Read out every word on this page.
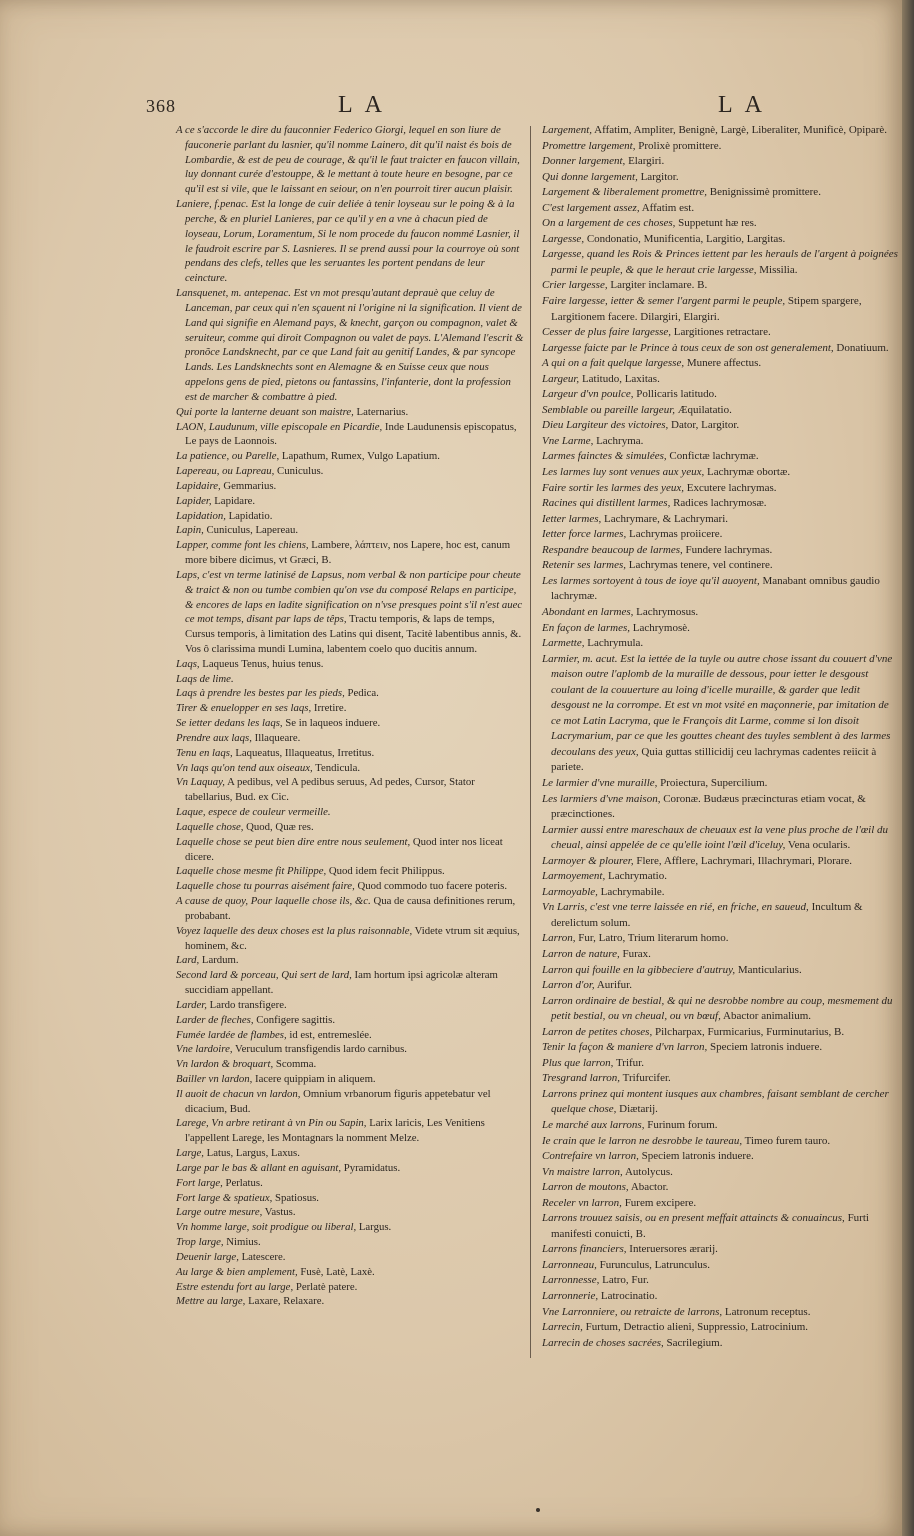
368	LA	LA

A ce s'accorde le dire du fauconnier Federico Giorgi, lequel en son liure de fauconerie parlant du lasnier, qu'il nomme Lainero, dit qu'il naist és bois de Lombardie, & est de peu de courage, & qu'il le faut traicter en faucon villain, luy donnant curée d'estouppe, & le mettant à toute heure en besogne, par ce qu'il est si vile, que le laissant en seiour, on n'en pourroit tirer aucun plaisir.

Laniere, f.penac. Est la longe de cuir deliée à tenir loyseau sur le poing & à la perche, & en pluriel Lanieres, par ce qu'il y en a vne à chacun pied de loyseau, Lorum, Loramentum, Si le nom procede du faucon nommé Lasnier, il le faudroit escrire par S. Lasnieres. Il se prend aussi pour la courroye où sont pendans des clefs, telles que les seruantes les portent pendans de leur ceincture.

Lansquenet, m. antepenac. Est vn mot presqu'autant deprauè que celuy de Lanceman, par ceux qui n'en sçauent ni l'origine ni la signification. Il vient de Land qui signifie en Alemand pays, & knecht, garçon ou compagnon, valet & seruiteur, comme qui diroit Compagnon ou valet de pays. L'Alemand l'escrit & pronõce Landsknecht, par ce que Land fait au genitif Landes, & par syncope Lands. Les Landsknechts sont en Alemagne & en Suisse ceux que nous appelons gens de pied, pietons ou fantassins, l'infanterie, dont la profession est de marcher & combattre à pied.

Qui porte la lanterne deuant son maistre, Laternarius.

LAON, Laudunum, ville episcopale en Picardie, Inde Laudunensis episcopatus, Le pays de Laonnois.

La patience, ou Parelle, Lapathum, Rumex, Vulgo Lapatium.

Lapereau, ou Lapreau, Cuniculus.

Lapidaire, Gemmarius.

Lapider, Lapidare.

Lapidation, Lapidatio.

Lapin, Cuniculus, Lapereau.

Lapper, comme font les chiens, Lambere, λάπτειν, nos Lapere, hoc est, canum more bibere dicimus, vt Græci, B.

Laps, c'est vn terme latinisé de Lapsus, nom verbal & non participe pour cheute & traict & non ou tumbe combien qu'on vse du composé Relaps en participe, & encores de laps en ladite signification on n'vse presques point s'il n'est auec ce mot temps, disant par laps de têps, Tractu temporis, & laps de temps, Cursus temporis, à limitation des Latins qui disent, Tacitè labentibus annis, &. Vos ô clarissima mundi Lumina, labentem coelo quo ducitis annum.

Laqs, Laqueus Tenus, huius tenus.

Laqs de lime.

Laqs à prendre les bestes par les pieds, Pedica.

Tirer & enuelopper en ses laqs, Irretire.

Se ietter dedans les laqs, Se in laqueos induere.

Prendre aux laqs, Illaqueare.

Tenu en laqs, Laqueatus, Illaqueatus, Irretitus.

Vn laqs qu'on tend aux oiseaux, Tendicula.

Vn Laquay, A pedibus, vel A pedibus seruus, Ad pedes, Cursor, Stator tabellarius, Bud. ex Cic.

Laque, espece de couleur vermeille.

Laquelle chose, Quod, Quæ res.

Laquelle chose se peut bien dire entre nous seulement, Quod inter nos liceat dicere.

Laquelle chose mesme fit Philippe, Quod idem fecit Philippus.

Laquelle chose tu pourras aisément faire, Quod commodo tuo facere poteris.

A cause de quoy, Pour laquelle chose ils, &c. Qua de causa definitiones rerum, probabant.

Voyez laquelle des deux choses est la plus raisonnable, Videte vtrum sit æquius, hominem, &c.

Lard, Lardum.

Second lard & porceau, Qui sert de lard, Iam hortum ipsi agricolæ alteram succidiam appellant.

Larder, Lardo transfigere.

Larder de fleches, Configere sagittis.

Fumée lardée de flambes, id est, entremeslée.

Vne lardoire, Veruculum transfigendis lardo carnibus.

Vn lardon & broquart, Scomma.

Bailler vn lardon, Iacere quippiam in aliquem.

Il auoit de chacun vn lardon, Omnium vrbanorum figuris appetebatur vel dicacium, Bud.

Larege, Vn arbre retirant à vn Pin ou Sapin, Larix laricis, Les Venitiens l'appellent Larege, les Montagnars la nomment Melze.

Large, Latus, Largus, Laxus.

Large par le bas & allant en aguisant, Pyramidatus.

Fort large, Perlatus.

Fort large & spatieux, Spatiosus.

Large outre mesure, Vastus.

Vn homme large, soit prodigue ou liberal, Largus.

Trop large, Nimius.

Deuenir large, Latescere.

Au large & bien amplement, Fusè, Latè, Laxè.

Estre estendu fort au large, Perlatè patere.

Mettre au large, Laxare, Relaxare.

Largement, Affatim, Ampliter, Benignè, Largè, Liberaliter, Munificè, Opiparè.

Promettre largement, Prolixè promittere.

Donner largement, Elargiri.

Qui donne largement, Largitor.

Largement & liberalement promettre, Benignissimè promittere.

C'est largement assez, Affatim est.

On a largement de ces choses, Suppetunt hæ res.

Largesse, Condonatio, Munificentia, Largitio, Largitas.

Largesse, quand les Rois & Princes iettent par les herauls de l'argent à poignées parmi le peuple, & que le heraut crie largesse, Missilia.

Crier largesse, Largiter inclamare. B.

Faire largesse, ietter & semer l'argent parmi le peuple, Stipem spargere, Largitionem facere. Dilargiri, Elargiri.

Cesser de plus faire largesse, Largitiones retractare.

Largesse faicte par le Prince à tous ceux de son ost generalement, Donatiuum.

A qui on a fait quelque largesse, Munere affectus.

Largeur, Latitudo, Laxitas.

Largeur d'vn poulce, Pollicaris latitudo.

Semblable ou pareille largeur, Æquilatatio.

Dieu Largiteur des victoires, Dator, Largitor.

Vne Larme, Lachryma.

Larmes fainctes & simulées, Confictæ lachrymæ.

Les larmes luy sont venues aux yeux, Lachrymæ obortæ.

Faire sortir les larmes des yeux, Excutere lachrymas.

Racines qui distillent larmes, Radices lachrymosæ.

Ietter larmes, Lachrymare, & Lachrymari.

Ietter force larmes, Lachrymas proiicere.

Respandre beaucoup de larmes, Fundere lachrymas.

Retenir ses larmes, Lachrymas tenere, vel continere.

Les larmes sortoyent à tous de ioye qu'il auoyent, Manabant omnibus gaudio lachrymæ.

Abondant en larmes, Lachrymosus.

En façon de larmes, Lachrymosè.

Larmette, Lachrymula.

Larmier, m. acut. Est la iettée de la tuyle ou autre chose issant du couuert d'vne maison outre l'aplomb de la muraille de dessous, pour ietter le desgoust coulant de la couuerture au loing d'icelle muraille, & garder que ledit desgoust ne la corrompe. Et est vn mot vsité en maçonnerie, par imitation de ce mot Latin Lacryma, que le François dit Larme, comme si lon disoit Lacrymarium, par ce que les gouttes cheant des tuyles semblent à des larmes decoulans des yeux, Quia guttas stillicidij ceu lachrymas cadentes reiicit à pariete.

Le larmier d'vne muraille, Proiectura, Supercilium.

Les larmiers d'vne maison, Coronæ. Budæus præcincturas etiam vocat, & præcinctiones.

Larmier aussi entre mareschaux de cheuaux est la vene plus proche de l'œil du cheual, ainsi appelée de ce qu'elle ioint l'œil d'iceluy, Vena ocularis.

Larmoyer & plourer, Flere, Afflere, Lachrymari, Illachrymari, Plorare.

Larmoyement, Lachrymatio.

Larmoyable, Lachrymabile.

Vn Larris, c'est vne terre laissée en rié, en friche, en saueud, Incultum & derelictum solum.

Larron, Fur, Latro, Trium literarum homo.

Larron de nature, Furax.

Larron qui fouille en la gibbeciere d'autruy, Manticularius.

Larron d'or, Aurifur.

Larron ordinaire de bestial, & qui ne desrobbe nombre au coup, mesmement du petit bestial, ou vn cheual, ou vn bœuf, Abactor animalium.

Larron de petites choses, Pilcharpax, Furmicarius, Furminutarius, B.

Tenir la façon & maniere d'vn larron, Speciem latronis induere.

Plus que larron, Trifur.

Tresgrand larron, Trifurcifer.

Larrons prinez qui montent iusques aux chambres, faisant semblant de cercher quelque chose, Diætarij.

Le marché aux larrons, Furinum forum.

Ie crain que le larron ne desrobbe le taureau, Timeo furem tauro.

Contrefaire vn larron, Speciem latronis induere.

Vn maistre larron, Autolycus.

Larron de moutons, Abactor.

Receler vn larron, Furem excipere.

Larrons trouuez saisis, ou en present meffait attaincts & conuaincus, Furti manifesti conuicti, B.

Larrons financiers, Interuersores ærarij.

Larronneau, Furunculus, Latrunculus.

Larronnesse, Latro, Fur.

Larronnerie, Latrocinatio.

Vne Larronniere, ou retraicte de larrons, Latronum receptus.

Larrecin, Furtum, Detractio alieni, Suppressio, Latrocinium.

Larrecin de choses sacrées, Sacrilegium.
